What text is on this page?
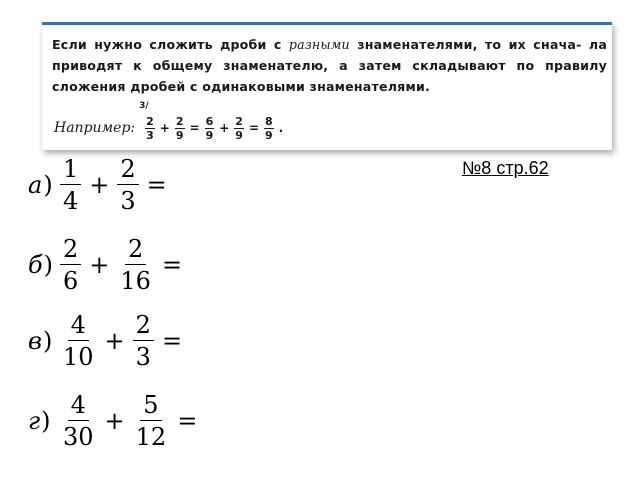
Если нужно сложить дроби с разными знаменателями, то их снача- ла приводят к общему знаменателю, а затем складывают по правилу сложения дробей с одинаковыми знаменателями.
Например:
3/
2
$3 + \frac{2}{9} = \frac{6}{9} + \frac{2}{9} = \frac{8}{9}$ .
№8 стр.62
$а) \frac{1}{4} + \frac{2}{3}$ =
$б) \frac{2}{6} + \frac{2}{16}$ =
$в) \frac{4}{10} + \frac{2}{3}$ =
$г) \frac{4}{30} + \frac{5}{12}$ =
